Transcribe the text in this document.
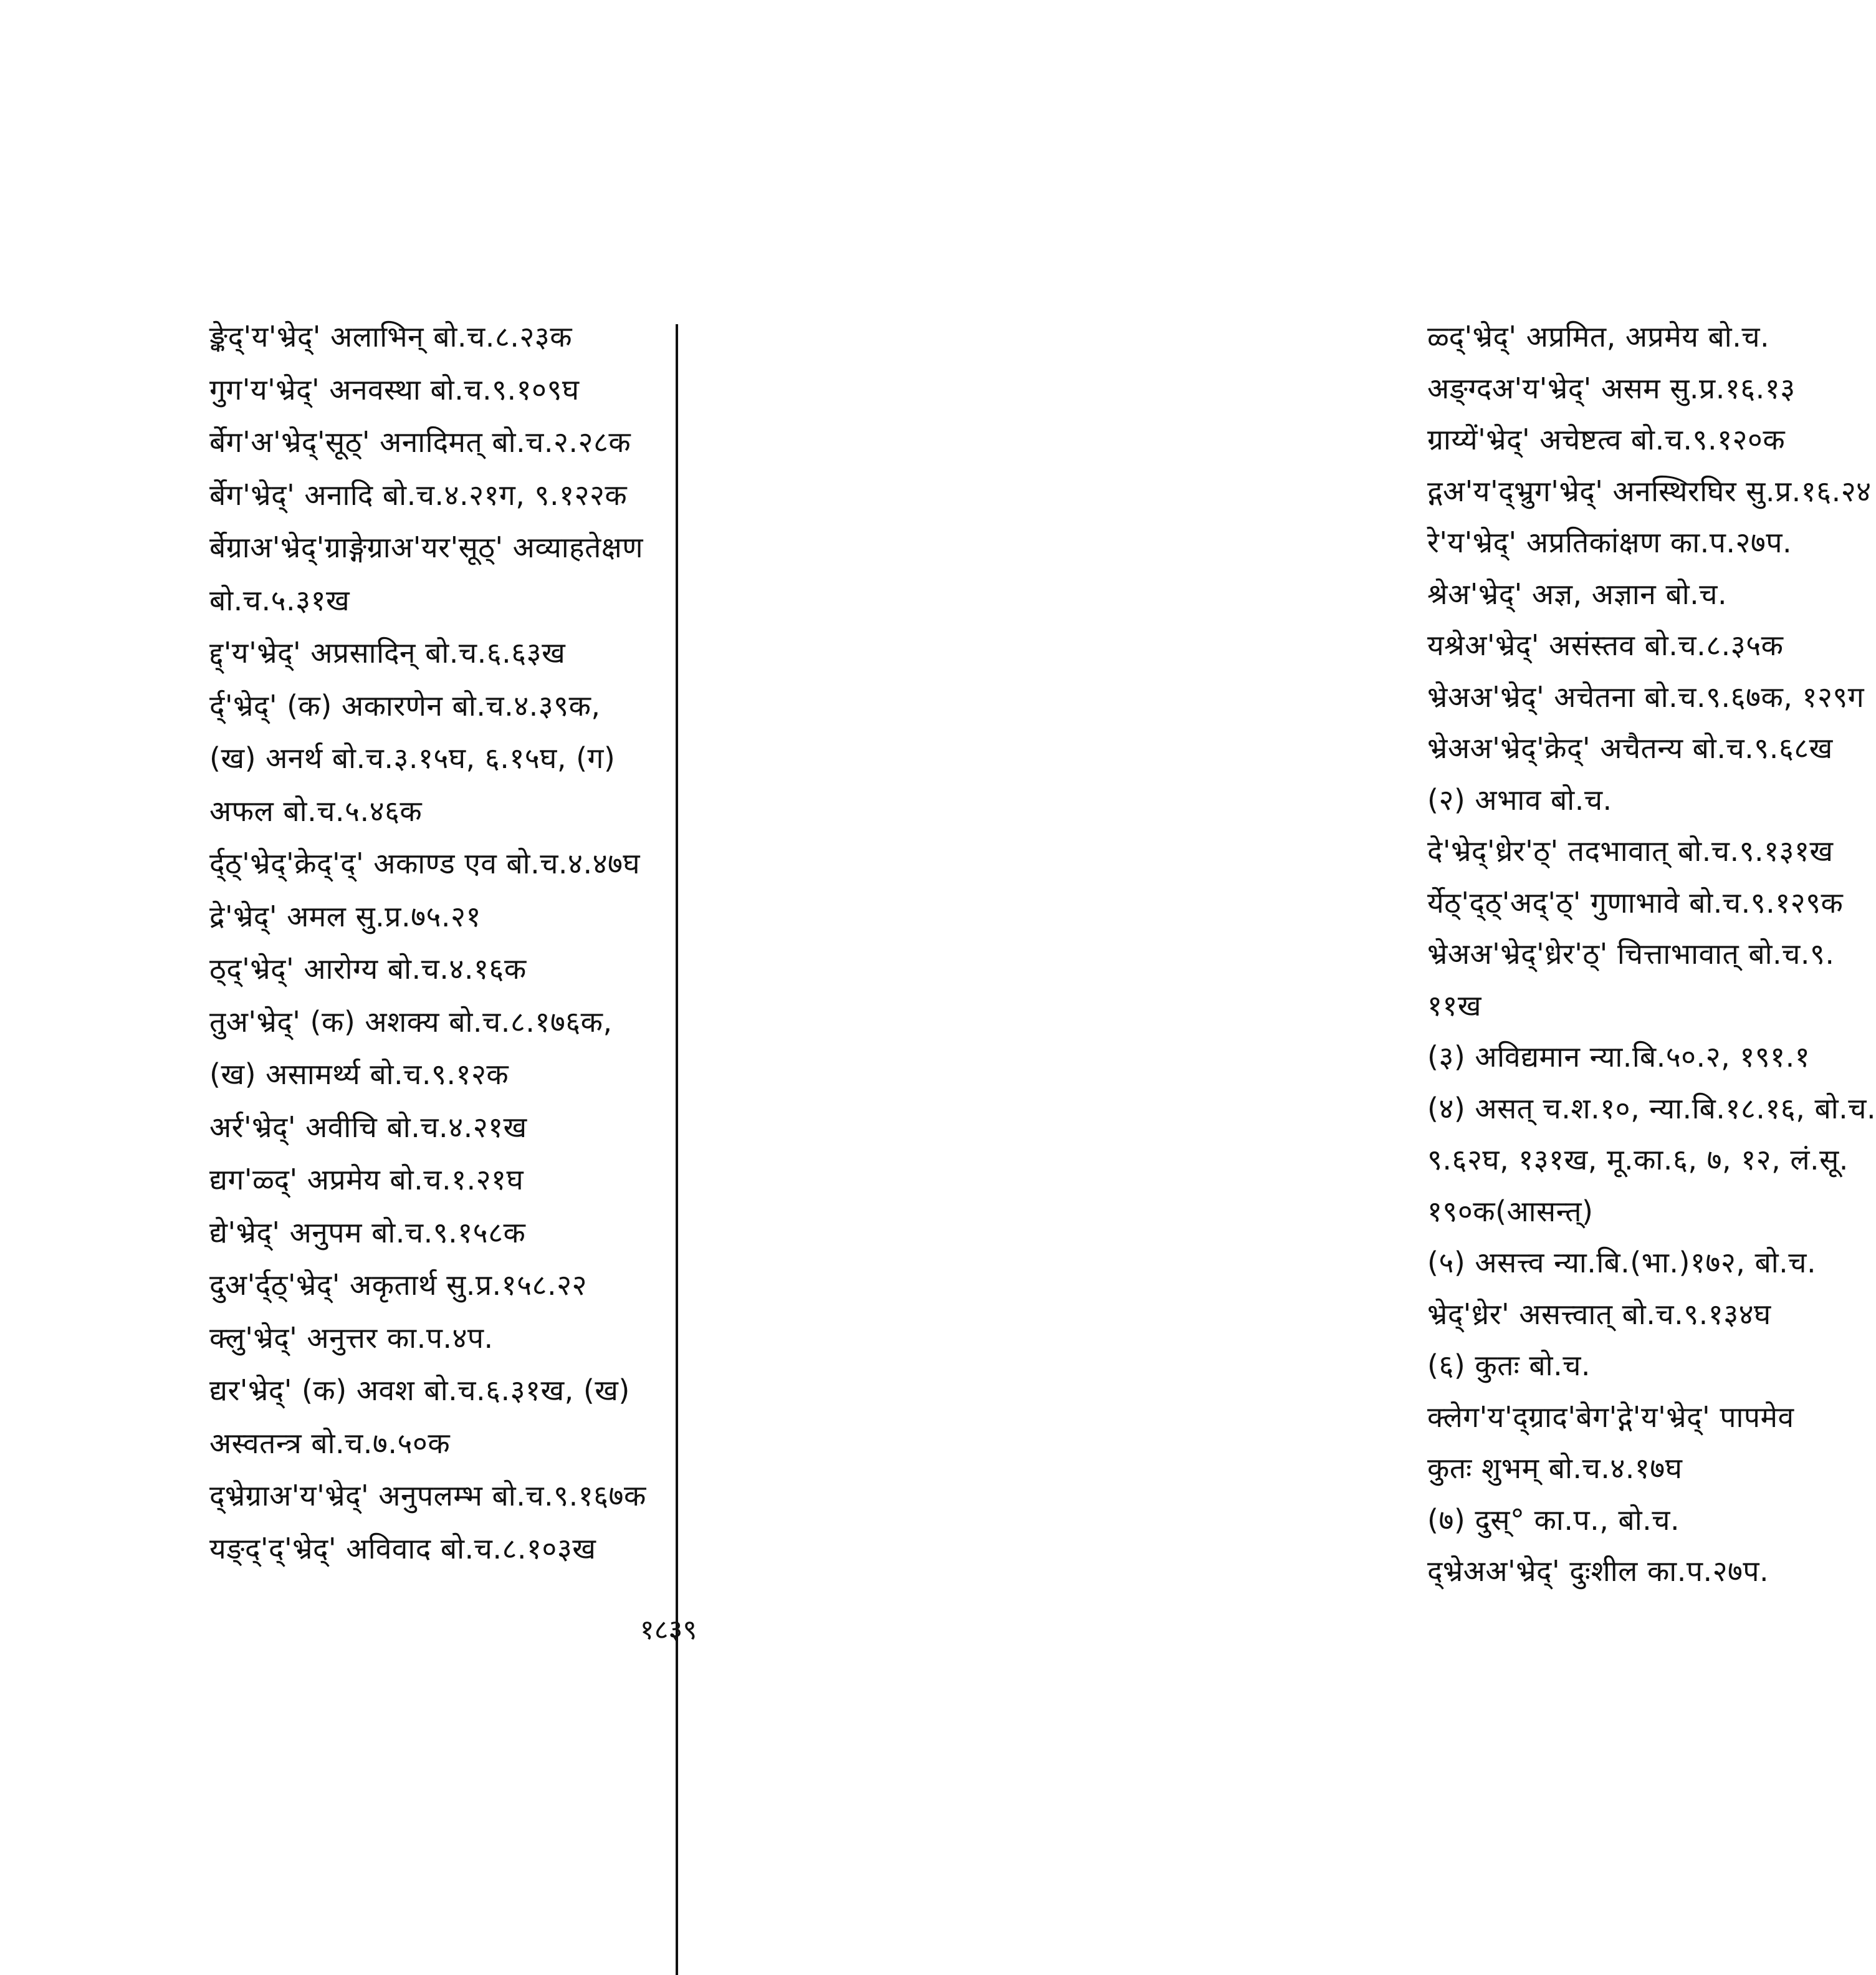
ङ्केद्'य'भ्रेद्' अलाभिन् बो.च.८.२३क
गुग'य'भ्रेद्' अनवस्था बो.च.९.१०९घ
र्बेग'अ'भ्रेद्'सूठ्' अनादिमत् बो.च.२.२८क
र्बेग'भ्रेद्' अनादि बो.च.४.२१ग, ९.१२२क
र्बेग्राअ'भ्रेद्'ग्राङ्गेग्राअ'यर'सूठ्' अव्याहतेक्षण
बो.च.५.३१ख
द्द्'य'भ्रेद्' अप्रसादिन् बो.च.६.६३ख
र्द्'भ्रेद्' (क) अकारणेन बो.च.४.३९क,
(ख) अनर्थ बो.च.३.१५घ, ६.१५घ, (ग)
अफल बो.च.५.४६क
र्द्ठ्'भ्रेद्'क्रेद्'द्' अकाण्ड एव बो.च.४.४७घ
द्रे'भ्रेद्' अमल सु.प्र.७५.२१
ठ्द्'भ्रेद्' आरोग्य बो.च.४.१६क
तुअ'भ्रेद्' (क) अशक्य बो.च.८.१७६क,
(ख) असामर्थ्य बो.च.९.१२क
अर्र'भ्रेद्' अवीचि बो.च.४.२१ख
द्यग'ळ्द्' अप्रमेय बो.च.१.२१घ
द्ये'भ्रेद्' अनुपम बो.च.९.१५८क
दुअ'र्द्ठ्'भ्रेद्' अकृतार्थ सु.प्र.१५८.२२
क्लु'भ्रेद्' अनुत्तर का.प.४प.
द्यर'भ्रेद्' (क) अवश बो.च.६.३१ख, (ख)
अस्वतन्त्र बो.च.७.५०क
द्भ्रेग्राअ'य'भ्रेद्' अनुपलम्भ बो.च.९.१६७क
यङ्द्'द्'भ्रेद्' अविवाद बो.च.८.१०३ख
ळ्द्'भ्रेद्' अप्रमित, अप्रमेय बो.च.
अङ्ग्दअ'य'भ्रेद्' असम सु.प्र.१६.१३
ग्राय्यें'भ्रेद्' अचेष्टत्व बो.च.९.१२०क
द्गअ'य'द्भ्रुग'भ्रेद्' अनस्थिरघिर सु.प्र.१६.२४
रे'य'भ्रेद्' अप्रतिकांक्षण का.प.२७प.
श्रेअ'भ्रेद्' अज्ञ, अज्ञान बो.च.
यश्रेअ'भ्रेद्' असंस्तव बो.च.८.३५क
भ्रेअअ'भ्रेद्' अचेतना बो.च.९.६७क, १२९ग
भ्रेअअ'भ्रेद्'क्रेद्' अचैतन्य बो.च.९.६८ख
(२) अभाव बो.च.
दे'भ्रेद्'ध्रेर'ठ्' तदभावात् बो.च.९.१३१ख
र्येठ्'द्ठ्'अद्'ठ्' गुणाभावे बो.च.९.१२९क
भ्रेअअ'भ्रेद्'ध्रेर'ठ्' चित्ताभावात् बो.च.९.
११ख
(३) अविद्यमान न्या.बि.५०.२, १९१.१
(४) असत् च.श.१०, न्या.बि.१८.१६, बो.च.
९.६२घ, १३१ख, मू.का.६, ७, १२, लं.सू.
१९०क(आसन्त्)
(५) असत्त्व न्या.बि.(भा.)१७२, बो.च.
भ्रेद्'ध्रेर' असत्त्वात् बो.च.९.१३४घ
(६) कुतः बो.च.
क्लेग'य'द्ग्राद'बेग'द्गे'य'भ्रेद्' पापमेव
कुतः शुभम् बो.च.४.१७घ
(७) दुस्° का.प., बो.च.
द्भ्रेअअ'भ्रेद्' दुःशील का.प.२७प.
१८३९
